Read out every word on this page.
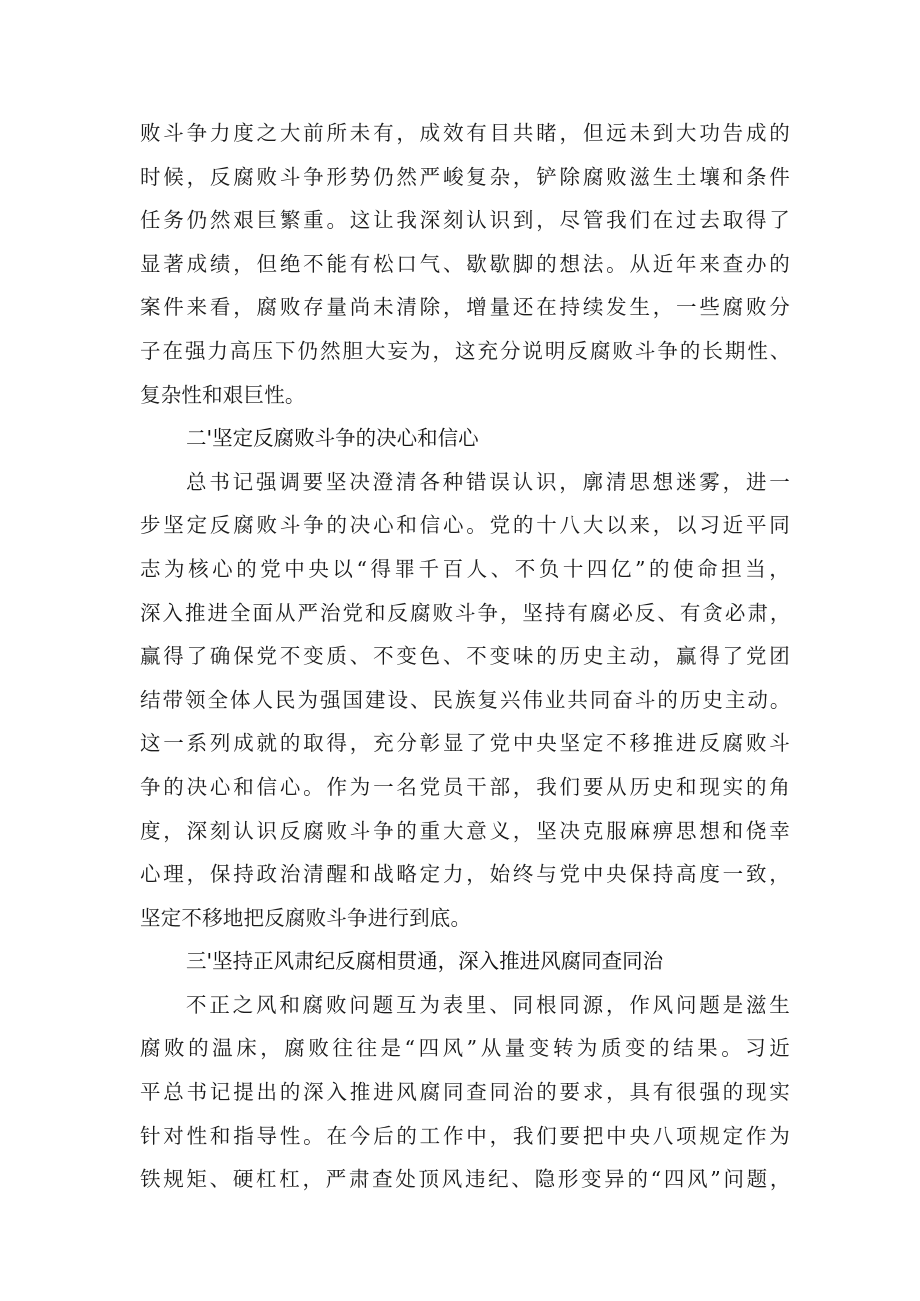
败斗争力度之大前所未有，成效有目共睹，但远未到大功告成的
时候，反腐败斗争形势仍然严峻复杂，铲除腐败滋生土壤和条件
任务仍然艰巨繁重。这让我深刻认识到，尽管我们在过去取得了
显著成绩，但绝不能有松口气、歇歇脚的想法。从近年来查办的
案件来看，腐败存量尚未清除，增量还在持续发生，一些腐败分
子在强力高压下仍然胆大妄为，这充分说明反腐败斗争的长期性、
复杂性和艰巨性。

二'坚定反腐败斗争的决心和信心

总书记强调要坚决澄清各种错误认识，廓清思想迷雾，进一
步坚定反腐败斗争的决心和信心。党的十八大以来，以习近平同
志为核心的党中央以“得罪千百人、不负十四亿”的使命担当，
深入推进全面从严治党和反腐败斗争，坚持有腐必反、有贪必肃，
赢得了确保党不变质、不变色、不变味的历史主动，赢得了党团
结带领全体人民为强国建设、民族复兴伟业共同奋斗的历史主动。
这一系列成就的取得，充分彰显了党中央坚定不移推进反腐败斗
争的决心和信心。作为一名党员干部，我们要从历史和现实的角
度，深刻认识反腐败斗争的重大意义，坚决克服麻痹思想和侥幸
心理，保持政治清醒和战略定力，始终与党中央保持高度一致，
坚定不移地把反腐败斗争进行到底。

三'坚持正风肃纪反腐相贯通，深入推进风腐同查同治

不正之风和腐败问题互为表里、同根同源，作风问题是滋生
腐败的温床，腐败往往是“四风”从量变转为质变的结果。习近
平总书记提出的深入推进风腐同查同治的要求，具有很强的现实
针对性和指导性。在今后的工作中，我们要把中央八项规定作为
铁规矩、硬杠杠，严肃查处顶风违纪、隐形变异的“四风”问题，
